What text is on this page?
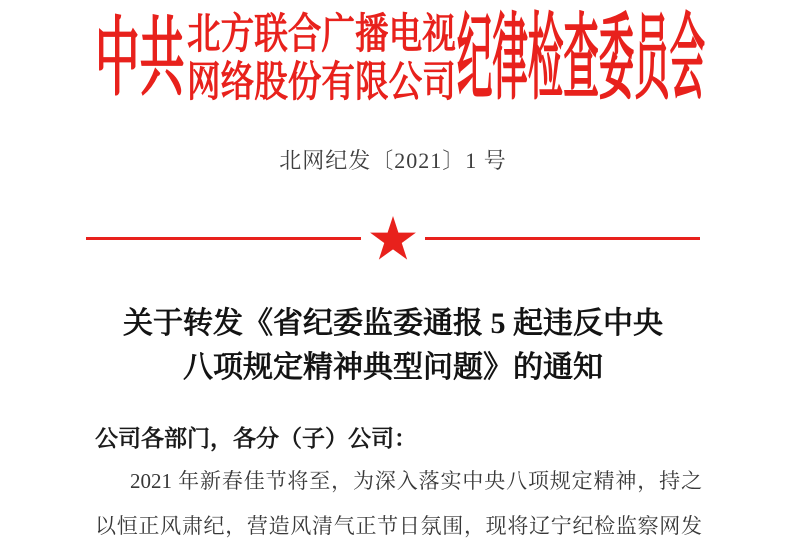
中共 北方联合广播电视
网络股份有限公司 纪律检查委员会
北网纪发〔2021〕1 号
关于转发《省纪委监委通报 5 起违反中央
八项规定精神典型问题》的通知
公司各部门，各分（子）公司：
2021 年新春佳节将至，为深入落实中央八项规定精神，持之
以恒正风肃纪，营造风清气正节日氛围，现将辽宁纪检监察网发
